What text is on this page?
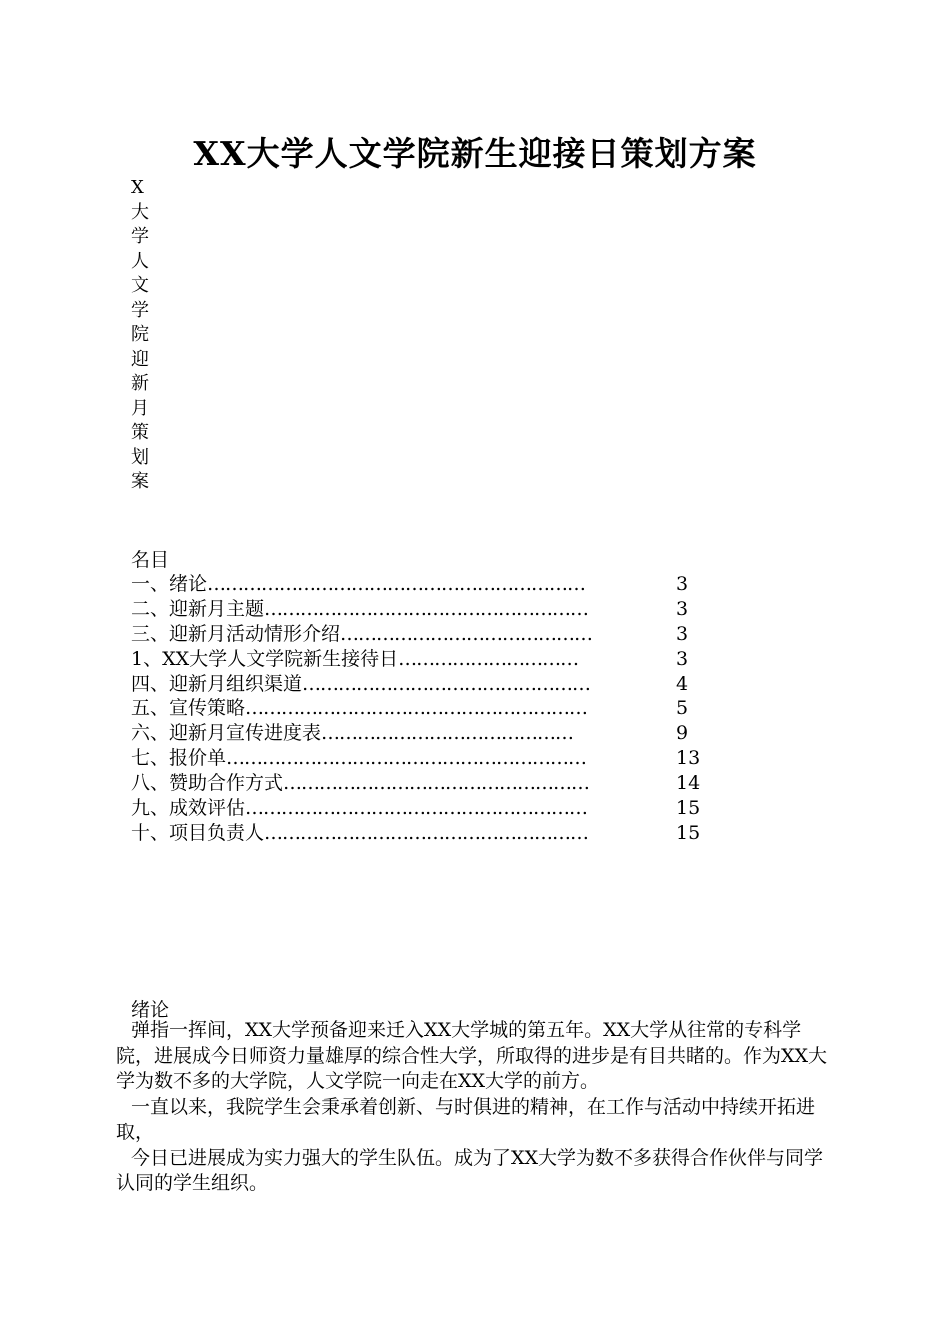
XX大学人文学院新生迎接日策划方案
X
大
学
人
文
学
院
迎
新
月
策
划
案
名目
一、绪论………………………………………………………	3
二、迎新月主题………………………………………………	3
三、迎新月活动情形介绍……………………………………	3
1、XX大学人文学院新生接待日…………………………	3
四、迎新月组织渠道…………………………………………	4
五、宣传策略…………………………………………………	5
六、迎新月宣传进度表……………………………………	9
七、报价单……………………………………………………	13
八、赞助合作方式……………………………………………	14
九、成效评估…………………………………………………	15
十、项目负责人………………………………………………	15
绪论

弹指一挥间，XX大学预备迎来迁入XX大学城的第五年。XX大学从往常的专科学院，进展成今日师资力量雄厚的综合性大学，所取得的进步是有目共睹的。作为XX大学为数不多的大学院，人文学院一向走在XX大学的前方。

一直以来，我院学生会秉承着创新、与时俱进的精神，在工作与活动中持续开拓进取，

今日已进展成为实力强大的学生队伍。成为了XX大学为数不多获得合作伙伴与同学认同的学生组织。
